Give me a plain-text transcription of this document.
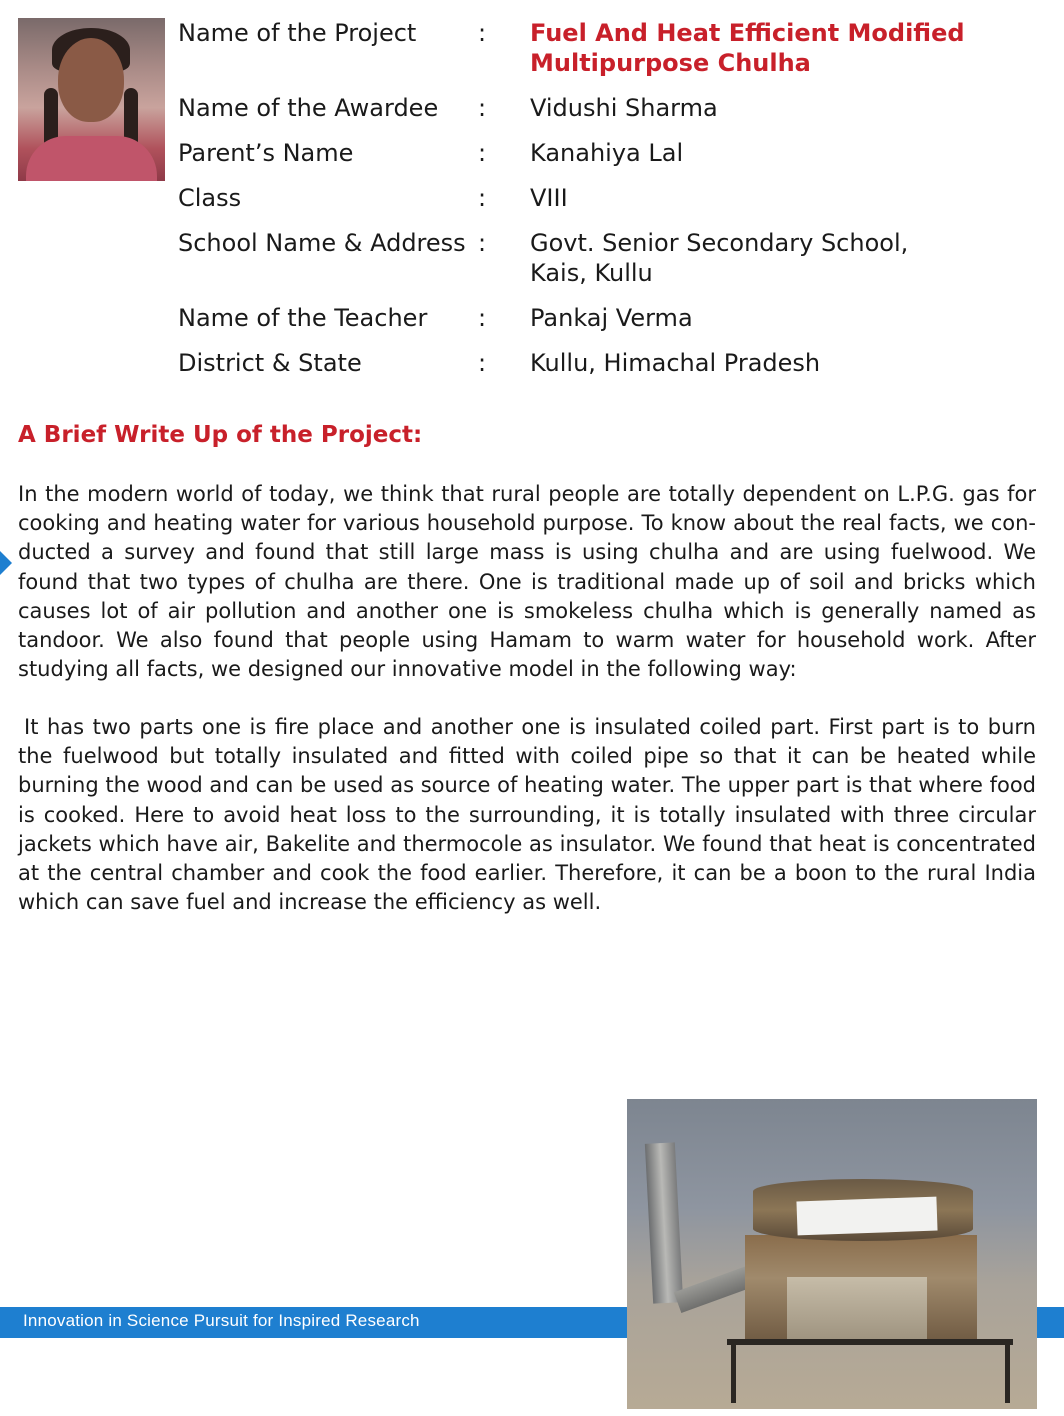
Name of the Project	:	Fuel And Heat Efficient Modified
Multipurpose Chulha
Name of the Awardee	:	Vidushi Sharma
Parent’s Name	:	Kanahiya Lal
Class	:	VIII
School Name & Address :	Govt. Senior Secondary School,
Kais, Kullu
Name of the Teacher	:	Pankaj Verma
District & State	:	Kullu, Himachal Pradesh
A Brief Write Up of the Project:

In the modern world of today, we think that rural people are totally dependent on L.P.G. gas for cooking and heating water for various household purpose. To know about the real facts, we con-ducted a survey and found that still large mass is using chulha and are using fuelwood. We found that two types of chulha are there. One is traditional made up of soil and bricks which causes lot of air pollution and another one is smokeless chulha which is generally named as tandoor. We also found that people using Hamam to warm water for household work. After studying all facts, we designed our innovative model in the following way:

It has two parts one is fire place and another one is insulated coiled part. First part is to burn the fuelwood but totally insulated and fitted with coiled pipe so that it can be heated while burning the wood and can be used as source of heating water. The upper part is that where food is cooked. Here to avoid heat loss to the surrounding, it is totally insulated with three circular jackets which have air, Bakelite and thermocole as insulator. We found that heat is concentrated at the central chamber and cook the food earlier. Therefore, it can be a boon to the rural India which can save fuel and increase the efficiency as well.

Innovation in Science Pursuit for Inspired Research
